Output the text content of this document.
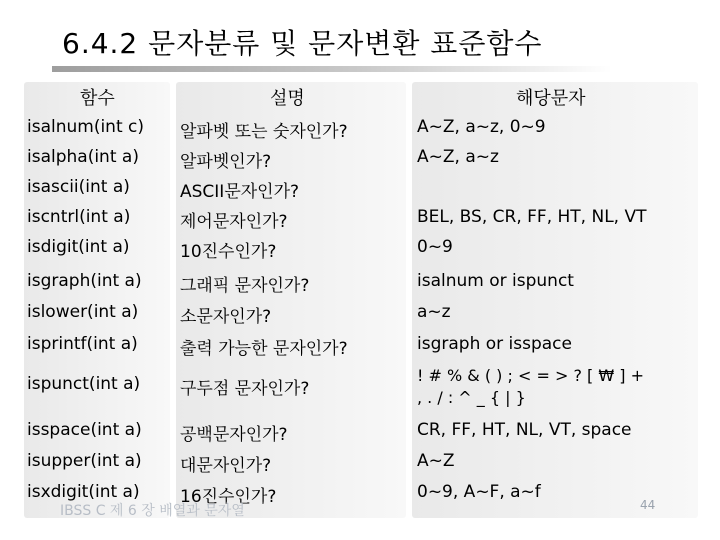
6.4.2 문자분류 및 문자변환 표준함수
함수
isalnum(int c)
isalpha(int a)
isascii(int a)
iscntrl(int a)
isdigit(int a)
isgraph(int a)
islower(int a)
isprintf(int a)
ispunct(int a)
isspace(int a)
isupper(int a)
isxdigit(int a)
설명
알파벳 또는 숫자인가?
알파벳인가?
ASCII문자인가?
제어문자인가?
10진수인가?
그래픽 문자인가?
소문자인가?
출력 가능한 문자인가?
구두점 문자인가?
공백문자인가?
대문자인가?
16진수인가?
해당문자
A~Z, a~z, 0~9
A~Z, a~z
BEL, BS, CR, FF, HT, NL, VT
0~9
isalnum or ispunct
a~z
isgraph or isspace
! # % & ( ) ; < = > ? [ ₩ ] +
, . / : ^ _ { | }
CR, FF, HT, NL, VT, space
A~Z
0~9, A~F, a~f
IBSS C 제 6 장 배열과 문자열	44
